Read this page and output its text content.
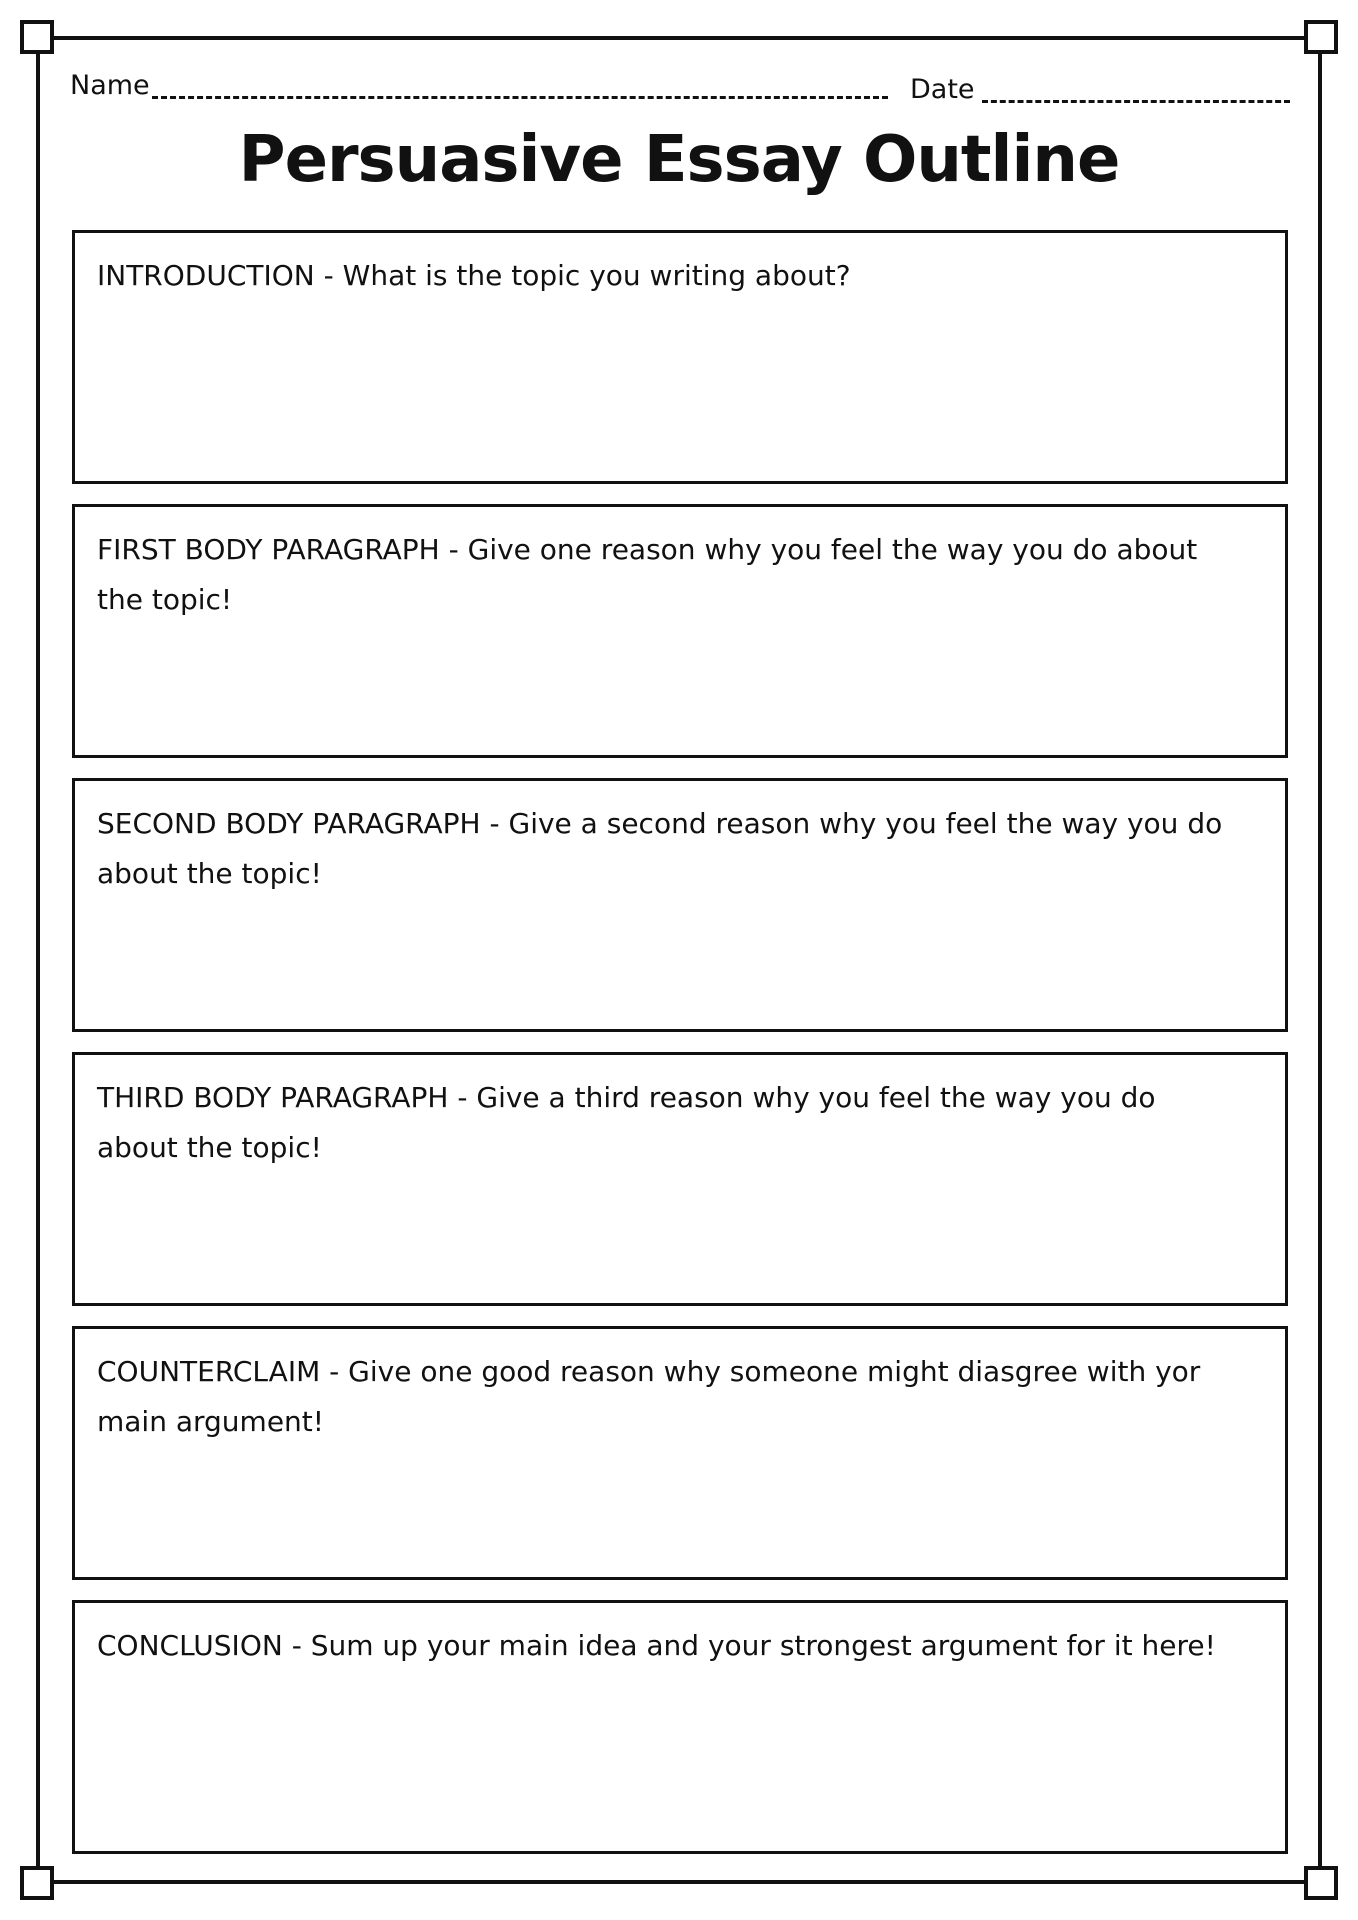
Name	Date
Persuasive Essay Outline
INTRODUCTION - What is the topic you writing about?
FIRST BODY PARAGRAPH - Give one reason why you feel the way you do about the topic!
SECOND BODY PARAGRAPH - Give a second reason why you feel the way you do about the topic!
THIRD BODY PARAGRAPH - Give a third reason why you feel the way you do about the topic!
COUNTERCLAIM - Give one good reason why someone might diasgree with yor main argument!
CONCLUSION - Sum up your main idea and your strongest argument for it here!
